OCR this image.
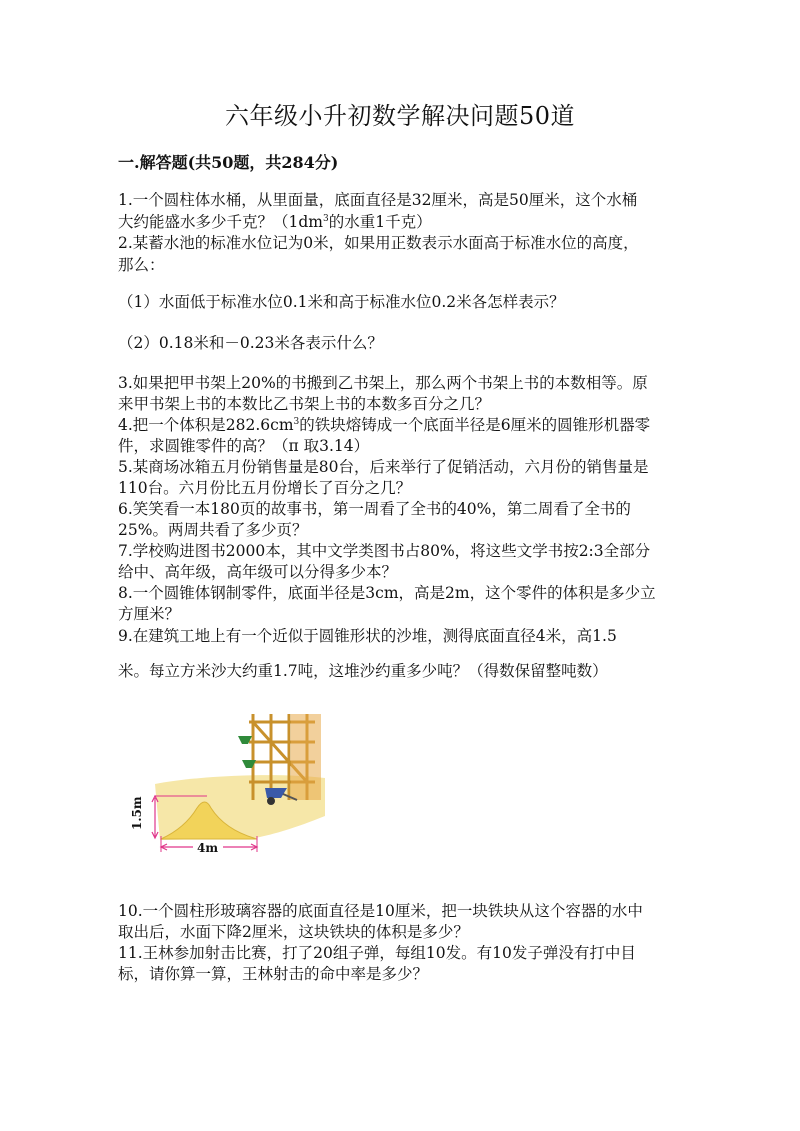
六年级小升初数学解决问题50道
一.解答题(共50题，共284分)
1.一个圆柱体水桶，从里面量，底面直径是32厘米，高是50厘米，这个水桶
大约能盛水多少千克？（$1dm^3$的水重1千克）
2.某蓄水池的标准水位记为0米，如果用正数表示水面高于标准水位的高度，
那么：
（1）水面低于标准水位0.1米和高于标准水位0.2米各怎样表示？
（2）0.18米和－0.23米各表示什么？
3.如果把甲书架上20%的书搬到乙书架上，那么两个书架上书的本数相等。原
来甲书架上书的本数比乙书架上书的本数多百分之几？
4.把一个体积是$282.6cm^3$的铁块熔铸成一个底面半径是6厘米的圆锥形机器零
件，求圆锥零件的高？（π 取3.14）
5.某商场冰箱五月份销售量是80台，后来举行了促销活动，六月份的销售量是
110台。六月份比五月份增长了百分之几？
6.笑笑看一本180页的故事书，第一周看了全书的40%，第二周看了全书的
25%。两周共看了多少页？
7.学校购进图书2000本，其中文学类图书占80%，将这些文学书按2:3全部分
给中、高年级，高年级可以分得多少本？
8.一个圆锥体钢制零件，底面半径是3cm，高是2m，这个零件的体积是多少立
方厘米？
9.在建筑工地上有一个近似于圆锥形状的沙堆，测得底面直径4米，高1.5
米。每立方米沙大约重1.7吨，这堆沙约重多少吨？（得数保留整吨数）
1.5m
4m
10.一个圆柱形玻璃容器的底面直径是10厘米，把一块铁块从这个容器的水中
取出后，水面下降2厘米，这块铁块的体积是多少？
11.王林参加射击比赛，打了20组子弹，每组10发。有10发子弹没有打中目
标，请你算一算，王林射击的命中率是多少？
